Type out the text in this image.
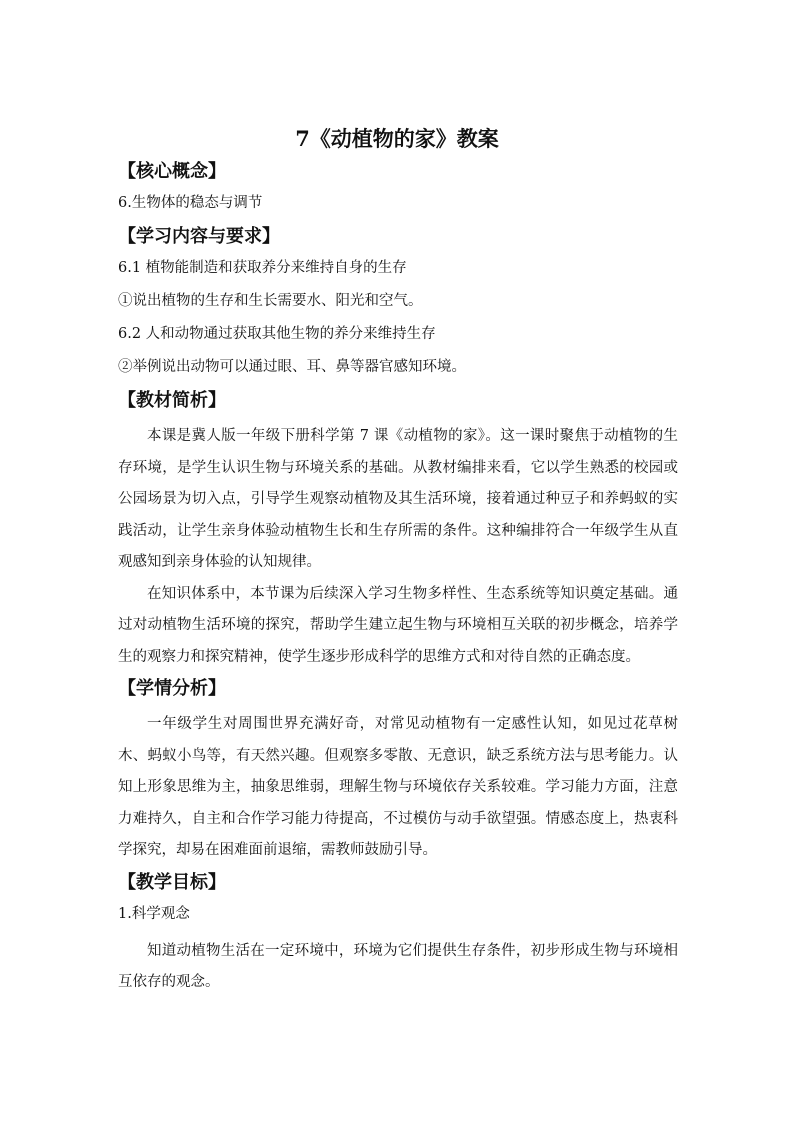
7《动植物的家》教案
【核心概念】
6.生物体的稳态与调节
【学习内容与要求】
6.1 植物能制造和获取养分来维持自身的生存
①说出植物的生存和生长需要水、阳光和空气。
6.2 人和动物通过获取其他生物的养分来维持生存
②举例说出动物可以通过眼、耳、鼻等器官感知环境。
【教材简析】

本课是冀人版一年级下册科学第 7 课《动植物的家》。这一课时聚焦于动植物的生存环境，是学生认识生物与环境关系的基础。从教材编排来看，它以学生熟悉的校园或公园场景为切入点，引导学生观察动植物及其生活环境，接着通过种豆子和养蚂蚁的实践活动，让学生亲身体验动植物生长和生存所需的条件。这种编排符合一年级学生从直观感知到亲身体验的认知规律。

在知识体系中，本节课为后续深入学习生物多样性、生态系统等知识奠定基础。通过对动植物生活环境的探究，帮助学生建立起生物与环境相互关联的初步概念，培养学生的观察力和探究精神，使学生逐步形成科学的思维方式和对待自然的正确态度。

【学情分析】

一年级学生对周围世界充满好奇，对常见动植物有一定感性认知，如见过花草树木、蚂蚁小鸟等，有天然兴趣。但观察多零散、无意识，缺乏系统方法与思考能力。认知上形象思维为主，抽象思维弱，理解生物与环境依存关系较难。学习能力方面，注意力难持久，自主和合作学习能力待提高，不过模仿与动手欲望强。情感态度上，热衷科学探究，却易在困难面前退缩，需教师鼓励引导。

【教学目标】
1.科学观念

知道动植物生活在一定环境中，环境为它们提供生存条件，初步形成生物与环境相互依存的观念。
